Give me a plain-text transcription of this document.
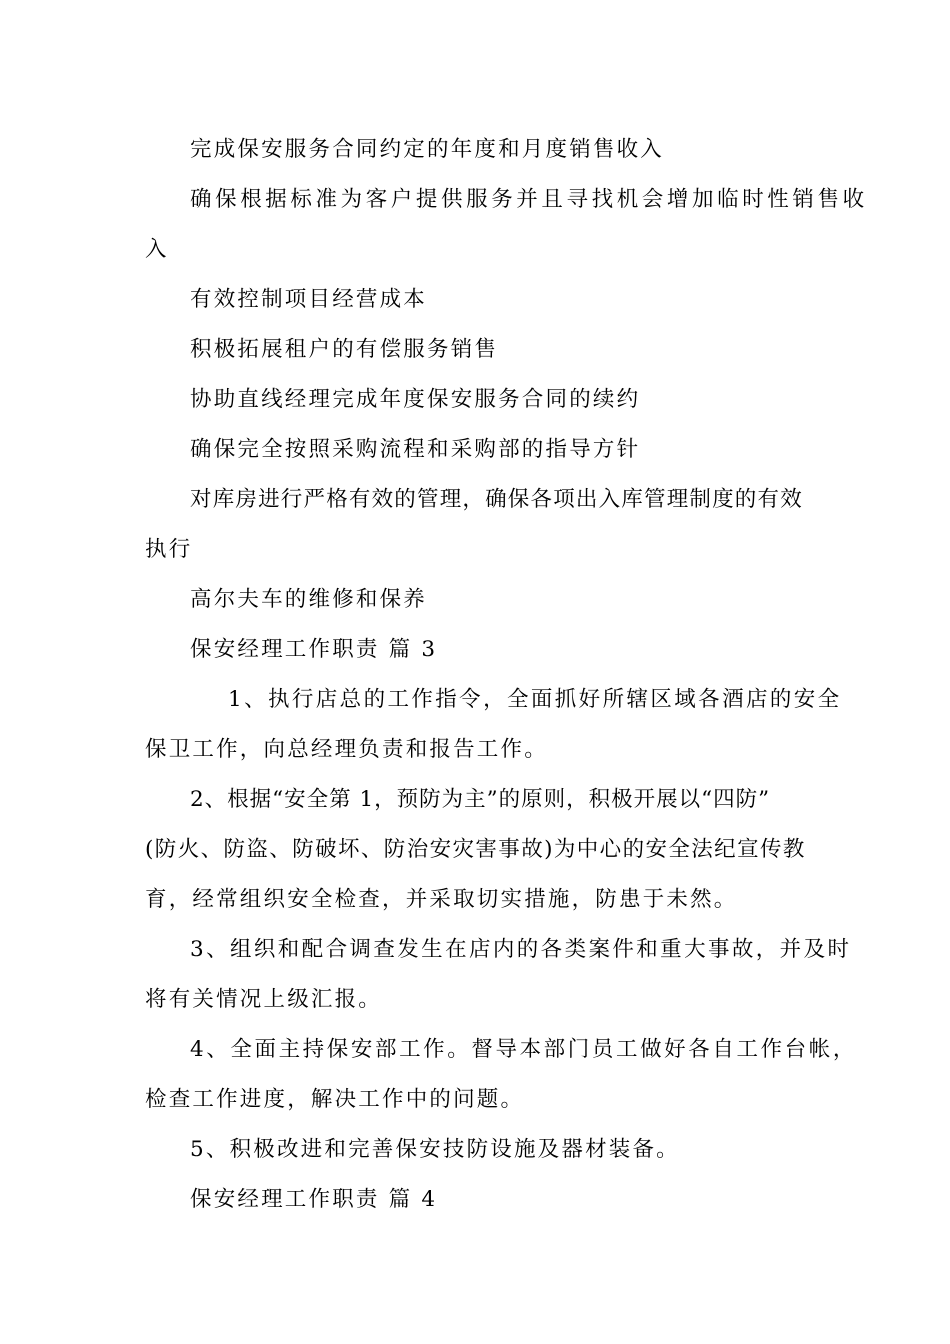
完成保安服务合同约定的年度和月度销售收入
确保根据标准为客户提供服务并且寻找机会增加临时性销售收
入
有效控制项目经营成本
积极拓展租户的有偿服务销售
协助直线经理完成年度保安服务合同的续约
确保完全按照采购流程和采购部的指导方针
对库房进行严格有效的管理，确保各项出入库管理制度的有效
执行
高尔夫车的维修和保养
保安经理工作职责 篇 3
1、执行店总的工作指令，全面抓好所辖区域各酒店的安全
保卫工作，向总经理负责和报告工作。
2、根据“安全第 1，预防为主”的原则，积极开展以“四防”
(防火、防盗、防破坏、防治安灾害事故)为中心的安全法纪宣传教
育，经常组织安全检查，并采取切实措施，防患于未然。
3、组织和配合调查发生在店内的各类案件和重大事故，并及时
将有关情况上级汇报。
4、全面主持保安部工作。督导本部门员工做好各自工作台帐，
检查工作进度，解决工作中的问题。
5、积极改进和完善保安技防设施及器材装备。
保安经理工作职责 篇 4
